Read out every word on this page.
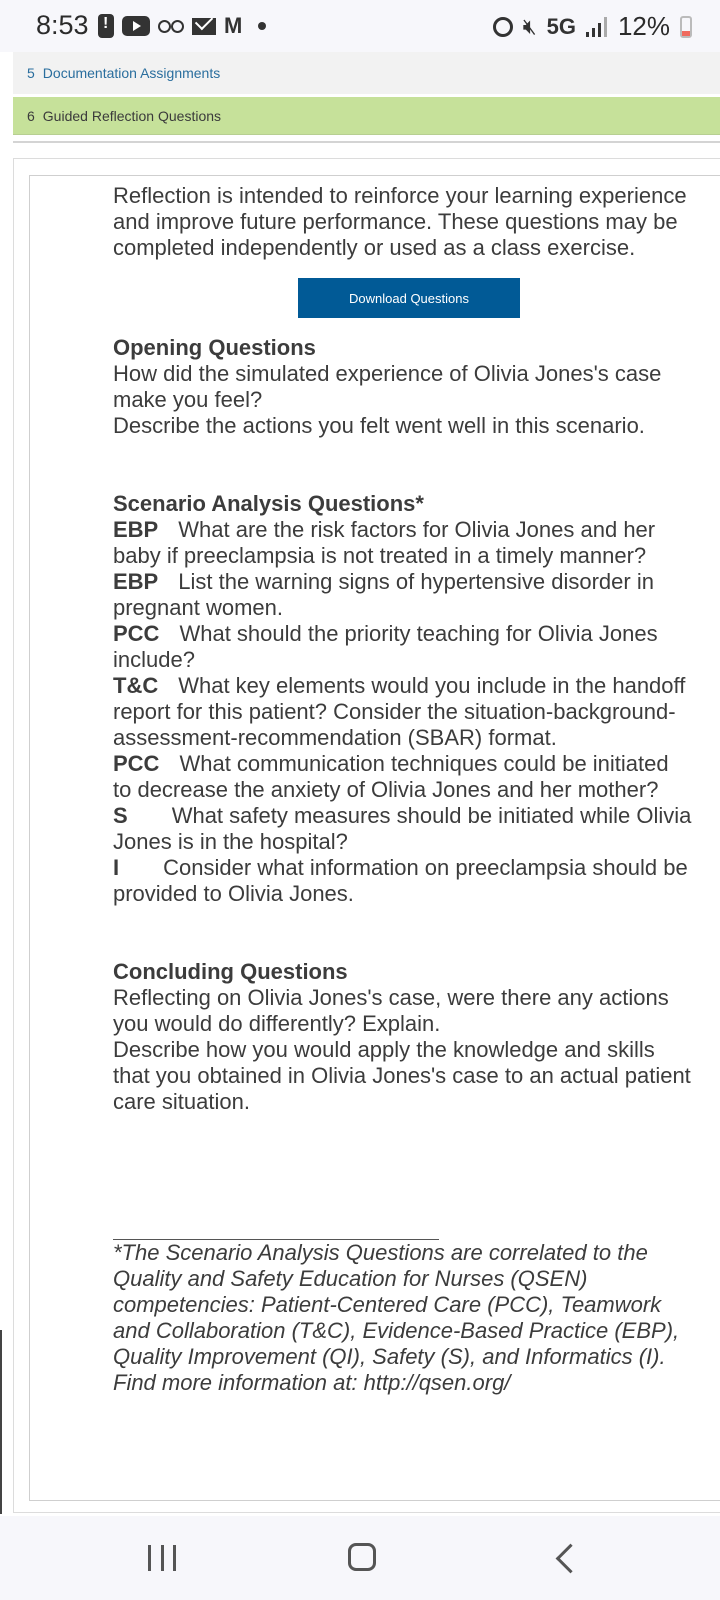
8:53
!	M	🔇︎ 5G 12%
5 Documentation Assignments
6 Guided Reflection Questions

Reflection is intended to reinforce your learning experience and improve future performance. These questions may be completed independently or used as a class exercise.

Download Questions

Opening Questions

How did the simulated experience of Olivia Jones's case make you feel?

Describe the actions you felt went well in this scenario.

Scenario Analysis Questions*

EBP What are the risk factors for Olivia Jones and her baby if preeclampsia is not treated in a timely manner?

EBP List the warning signs of hypertensive disorder in pregnant women.

PCC What should the priority teaching for Olivia Jones include?

T&C What key elements would you include in the handoff report for this patient? Consider the situation-background-assessment-recommendation (SBAR) format.

PCC What communication techniques could be initiated to decrease the anxiety of Olivia Jones and her mother?

S What safety measures should be initiated while Olivia Jones is in the hospital?

I Consider what information on preeclampsia should be provided to Olivia Jones.

Concluding Questions

Reflecting on Olivia Jones's case, were there any actions you would do differently? Explain.

Describe how you would apply the knowledge and skills that you obtained in Olivia Jones's case to an actual patient care situation.

*The Scenario Analysis Questions are correlated to the Quality and Safety Education for Nurses (QSEN) competencies: Patient-Centered Care (PCC), Teamwork and Collaboration (T&C), Evidence-Based Practice (EBP), Quality Improvement (QI), Safety (S), and Informatics (I). Find more information at: http://qsen.org/
